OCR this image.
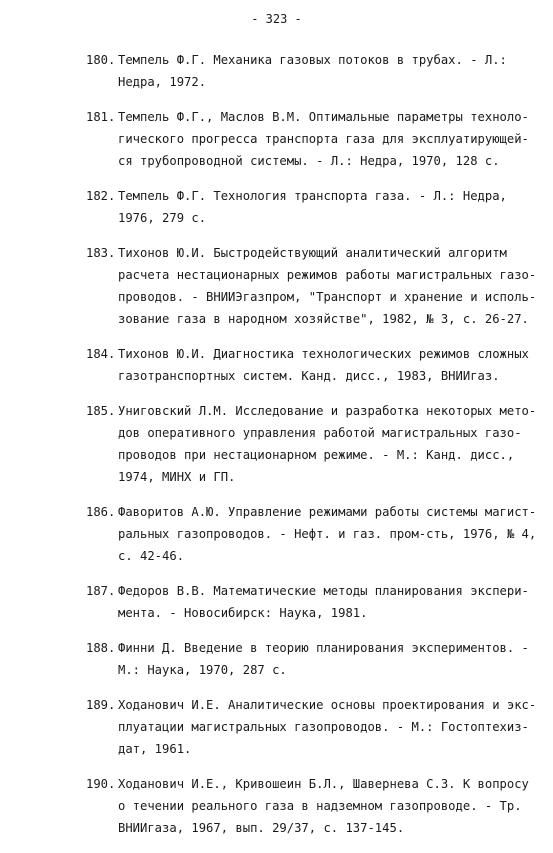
- 323 -
180. Темпель Ф.Г. Механика газовых потоков в трубах. - Л.:
Недра, 1972.
181. Темпель Ф.Г., Маслов В.М. Оптимальные параметры техноло-
гического прогресса транспорта газа для эксплуатирующей-
ся трубопроводной системы. - Л.: Недра, 1970, 128 с.
182. Темпель Ф.Г. Технология транспорта газа. - Л.: Недра,
1976, 279 с.
183. Тихонов Ю.И. Быстродействующий аналитический алгоритм
расчета нестационарных режимов работы магистральных газо-
проводов. - ВНИИЭгазпром, "Транспорт и хранение и исполь-
зование газа в народном хозяйстве", 1982, № 3, с. 26-27.
184. Тихонов Ю.И. Диагностика технологических режимов сложных
газотранспортных систем. Канд. дисс., 1983, ВНИИгаз.
185. Униговский Л.М. Исследование и разработка некоторых мето-
дов оперативного управления работой магистральных газо-
проводов при нестационарном режиме. - М.: Канд. дисс.,
1974, МИНХ и ГП.
186. Фаворитов А.Ю. Управление режимами работы системы магист-
ральных газопроводов. - Нефт. и газ. пром-сть, 1976, № 4,
с. 42-46.
187. Федоров В.В. Математические методы планирования экспери-
мента. - Новосибирск: Наука, 1981.
188. Финни Д. Введение в теорию планирования экспериментов. -
М.: Наука, 1970, 287 с.
189. Ходанович И.Е. Аналитические основы проектирования и экс-
плуатации магистральных газопроводов. - М.: Гостоптехиз-
дат, 1961.
190. Ходанович И.Е., Кривошеин Б.Л., Шаверневa С.З. К вопросу
о течении реального газа в надземном газопроводе. - Тр.
ВНИИгаза, 1967, вып. 29/37, с. 137-145.
